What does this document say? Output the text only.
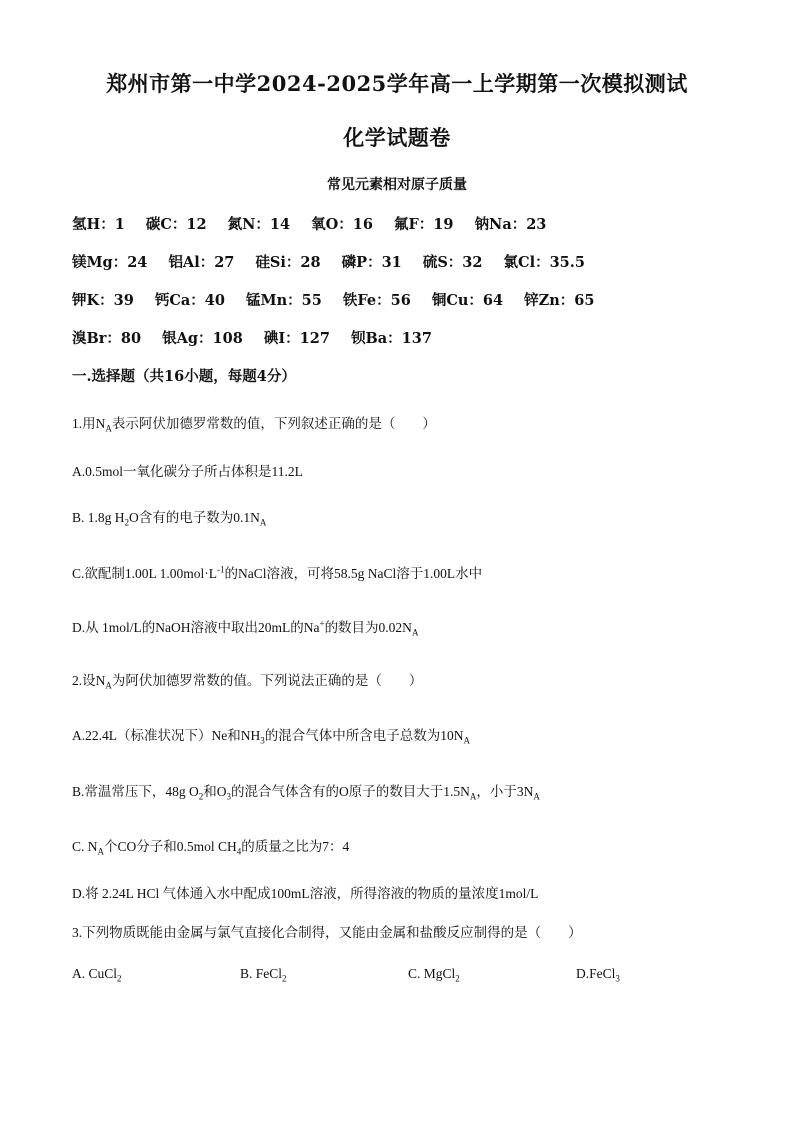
郑州市第一中学2024-2025学年高一上学期第一次模拟测试
化学试题卷
常见元素相对原子质量
氢H：1 碳C：12 氮N：14 氧O：16 氟F：19 钠Na：23
镁Mg：24 铝Al：27 硅Si：28 磷P：31 硫S：32 氯Cl：35.5
钾K：39 钙Ca：40 锰Mn：55 铁Fe：56 铜Cu：64 锌Zn：65
溴Br：80 银Ag：108 碘I：127 钡Ba：137
一.选择题（共16小题，每题4分）
1.用$N_A$表示阿伏加德罗常数的值，下列叙述正确的是（　　）
A.0.5mol一氧化碳分子所占体积是11.2L
B. 1.8g $H_2O$含有的电子数为$0.1N_A$
C.欲配制1.00L $1.00mol\cdot L^{-1}$的NaCl溶液，可将58.5g NaCl溶于1.00L水中
D.从 1mol/L的NaOH溶液中取出20mL的Na+的数目为$0.02N_A$
2.设$N_A$为阿伏加德罗常数的值。下列说法正确的是（　　）
A.22.4L（标准状况下）Ne和$NH_3$的混合气体中所含电子总数为$10N_A$
B.常温常压下，48g $O_2$和$O_3$的混合气体含有的O原子的数目大于$1.5N_A$，小于$3N_A$
C. $N_A$个CO分子和0.5mol $CH_4$的质量之比为7：4
D.将 2.24L HCl 气体通入水中配成100mL溶液，所得溶液的物质的量浓度1mol/L
3.下列物质既能由金属与氯气直接化合制得，又能由金属和盐酸反应制得的是（　　）
A. CuCl$_2$	B. FeCl$_2$	C. MgCl$_2$	D.FeCl$_3$
